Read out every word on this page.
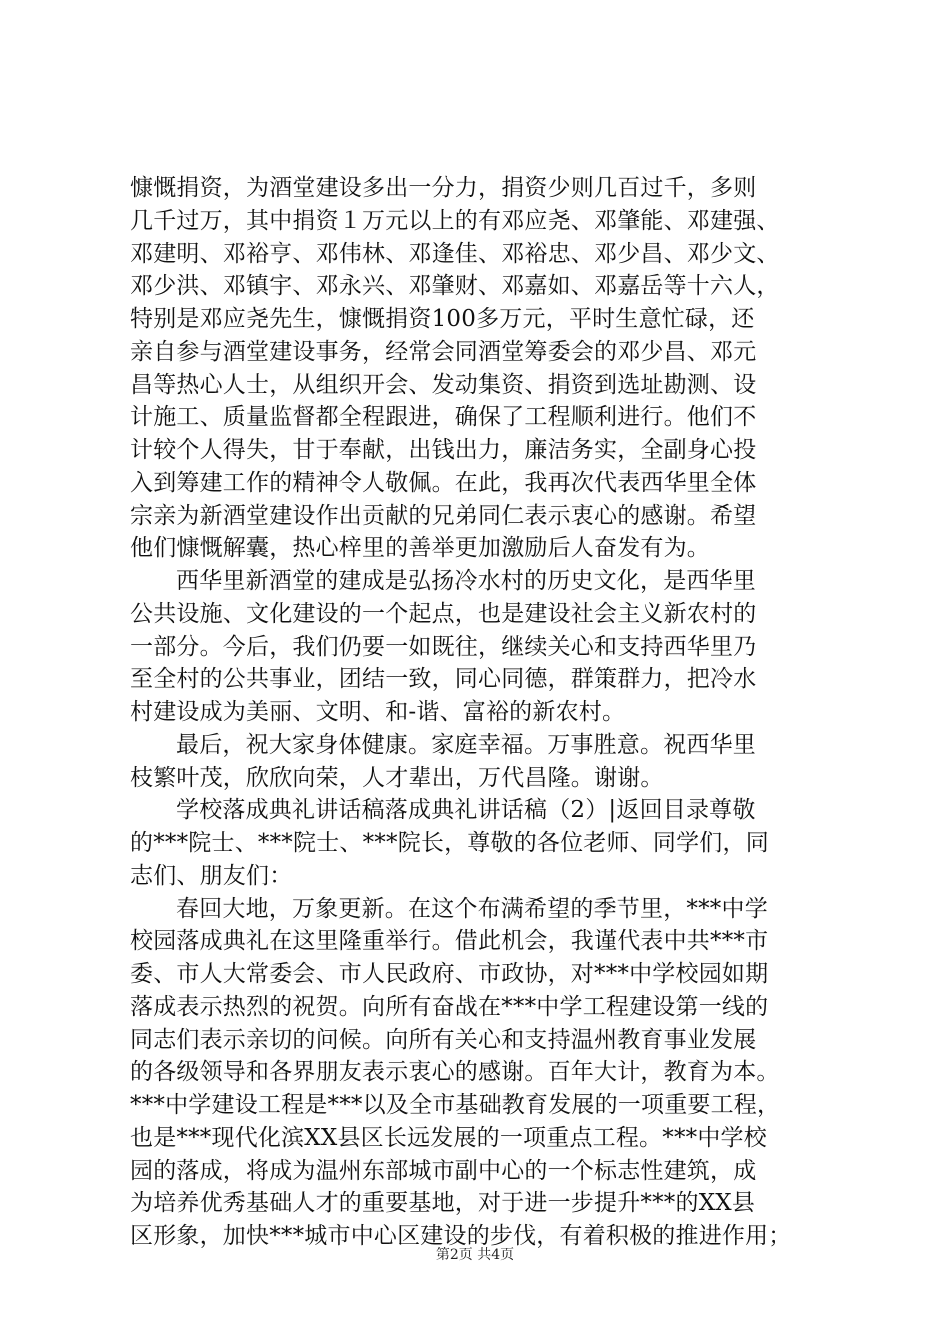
慷慨捐资，为酒堂建设多出一分力，捐资少则几百过千，多则
几千过万，其中捐资１万元以上的有邓应尧、邓肇能、邓建强、
邓建明、邓裕亨、邓伟林、邓逢佳、邓裕忠、邓少昌、邓少文、
邓少洪、邓镇宇、邓永兴、邓肇财、邓嘉如、邓嘉岳等十六人，
特别是邓应尧先生，慷慨捐资100多万元，平时生意忙碌，还
亲自参与酒堂建设事务，经常会同酒堂筹委会的邓少昌、邓元
昌等热心人士，从组织开会、发动集资、捐资到选址勘测、设
计施工、质量监督都全程跟进，确保了工程顺利进行。他们不
计较个人得失，甘于奉献，出钱出力，廉洁务实，全副身心投
入到筹建工作的精神令人敬佩。在此，我再次代表西华里全体
宗亲为新酒堂建设作出贡献的兄弟同仁表示衷心的感谢。希望
他们慷慨解囊，热心梓里的善举更加激励后人奋发有为。
西华里新酒堂的建成是弘扬冷水村的历史文化，是西华里
公共设施、文化建设的一个起点，也是建设社会主义新农村的
一部分。今后，我们仍要一如既往，继续关心和支持西华里乃
至全村的公共事业，团结一致，同心同德，群策群力，把冷水
村建设成为美丽、文明、和-谐、富裕的新农村。
最后，祝大家身体健康。家庭幸福。万事胜意。祝西华里
枝繁叶茂，欣欣向荣，人才辈出，万代昌隆。谢谢。
学校落成典礼讲话稿落成典礼讲话稿（2）|返回目录尊敬
的***院士、***院士、***院长，尊敬的各位老师、同学们，同
志们、朋友们：
春回大地，万象更新。在这个布满希望的季节里，***中学
校园落成典礼在这里隆重举行。借此机会，我谨代表中共***市
委、市人大常委会、市人民政府、市政协，对***中学校园如期
落成表示热烈的祝贺。向所有奋战在***中学工程建设第一线的
同志们表示亲切的问候。向所有关心和支持温州教育事业发展
的各级领导和各界朋友表示衷心的感谢。百年大计，教育为本。
***中学建设工程是***以及全市基础教育发展的一项重要工程，
也是***现代化滨XX县区长远发展的一项重点工程。***中学校
园的落成，将成为温州东部城市副中心的一个标志性建筑，成
为培养优秀基础人才的重要基地，对于进一步提升***的XX县
区形象，加快***城市中心区建设的步伐，有着积极的推进作用；
第2页 共4页
